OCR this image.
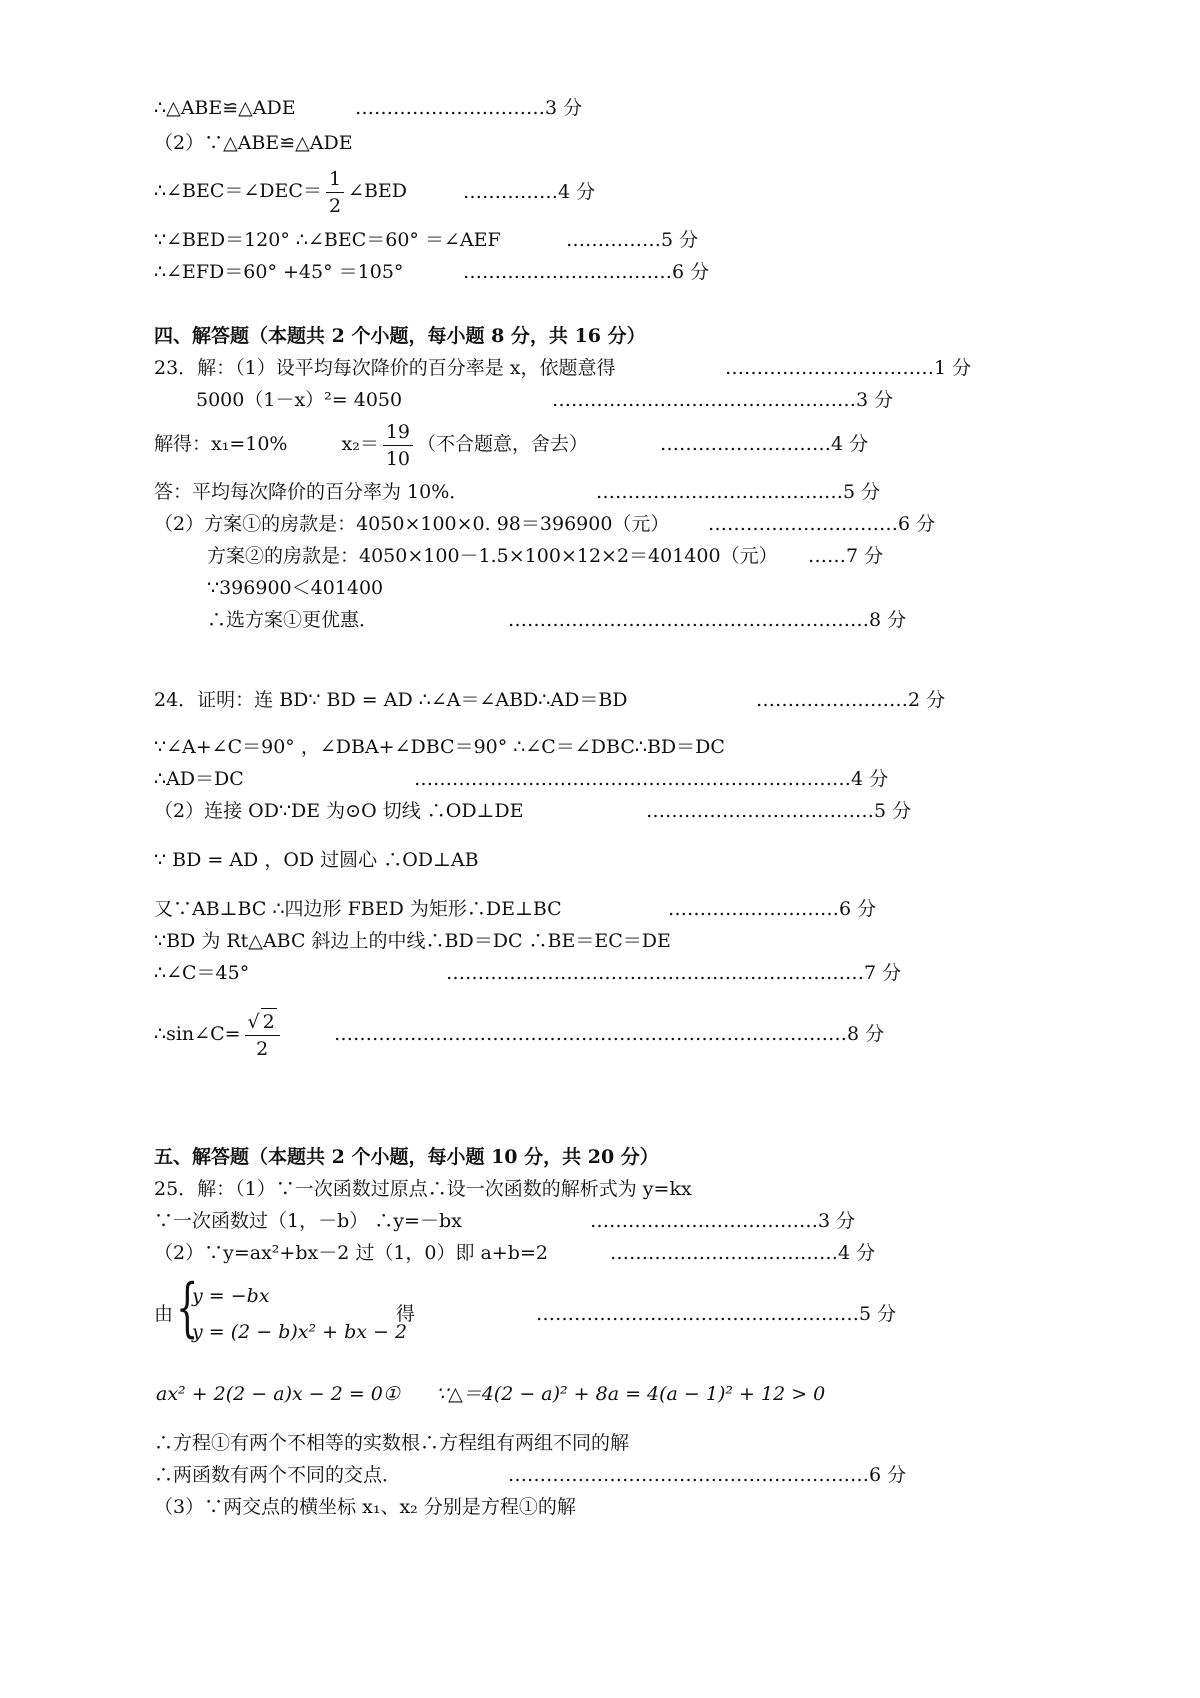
∴△ABE≌△ADE	…………………………3 分
（2）∵△ABE≌△ADE
∴∠BEC＝∠DEC＝ $\frac{1}{2}$ ∠BED	……………4 分
∵∠BED＝120° ∴∠BEC＝60° ＝∠AEF	……………5 分
∴∠EFD＝60° +45° ＝105°	……………………………6 分
四、解答题（本题共 2 个小题，每小题 8 分，共 16 分）
23．解：（1）设平均每次降价的百分率是 x，依题意得	……………………………1 分
5000（1－x）²= 4050	…………………………………………3 分
解得：x₁=10%	$x_2= \frac{19}{10}$ （不合题意，舍去）	………………………4 分
答：平均每次降价的百分率为 10%．	…………………………………5 分
（2）方案①的房款是：4050×100×0. 98＝396900（元） …………………………6 分
方案②的房款是：4050×100－1.5×100×12×2＝401400（元） ……7 分
∵396900＜401400
∴选方案①更优惠．	…………………………………………………8 分
24．证明：连 BD∵ BD = AD ∴∠A＝∠ABD∴AD＝BD	……………………2 分
∵∠A+∠C＝90° ，∠DBA+∠DBC＝90° ∴∠C＝∠DBC∴BD＝DC
∴AD＝DC	……………………………………………………………4 分
（2）连接 OD∵DE 为⊙O 切线 ∴OD⊥DE	………………………………5 分
∵ BD = AD ，OD 过圆心 ∴OD⊥AB
又∵AB⊥BC ∴四边形 FBED 为矩形∴DE⊥BC	………………………6 分
∵BD 为 Rt△ABC 斜边上的中线∴BD＝DC ∴BE＝EC＝DE
∴∠C＝45°	…………………………………………………………7 分
∴sin∠C= $\frac{√ 2}{2}$	………………………………………………………………………8 分
五、解答题（本题共 2 个小题，每小题 10 分，共 20 分）
25．解：（1）∵一次函数过原点∴设一次函数的解析式为 y=kx
∵一次函数过（1，－b） ∴y=－bx	………………………………3 分
（2）∵y=ax²+bx－2 过（1，0）即 a+b=2	………………………………4 分
由 {
y = −bx
y = (2 − b)x² + bx − 2
得	……………………………………………5 分
ax² + 2(2 − a)x − 2 = 0① ∵△＝4(2 − a)² + 8a = 4(a − 1)² + 12 > 0
∴方程①有两个不相等的实数根∴方程组有两组不同的解
∴两函数有两个不同的交点．	…………………………………………………6 分
（3）∵两交点的横坐标 x₁、x₂ 分别是方程①的解
